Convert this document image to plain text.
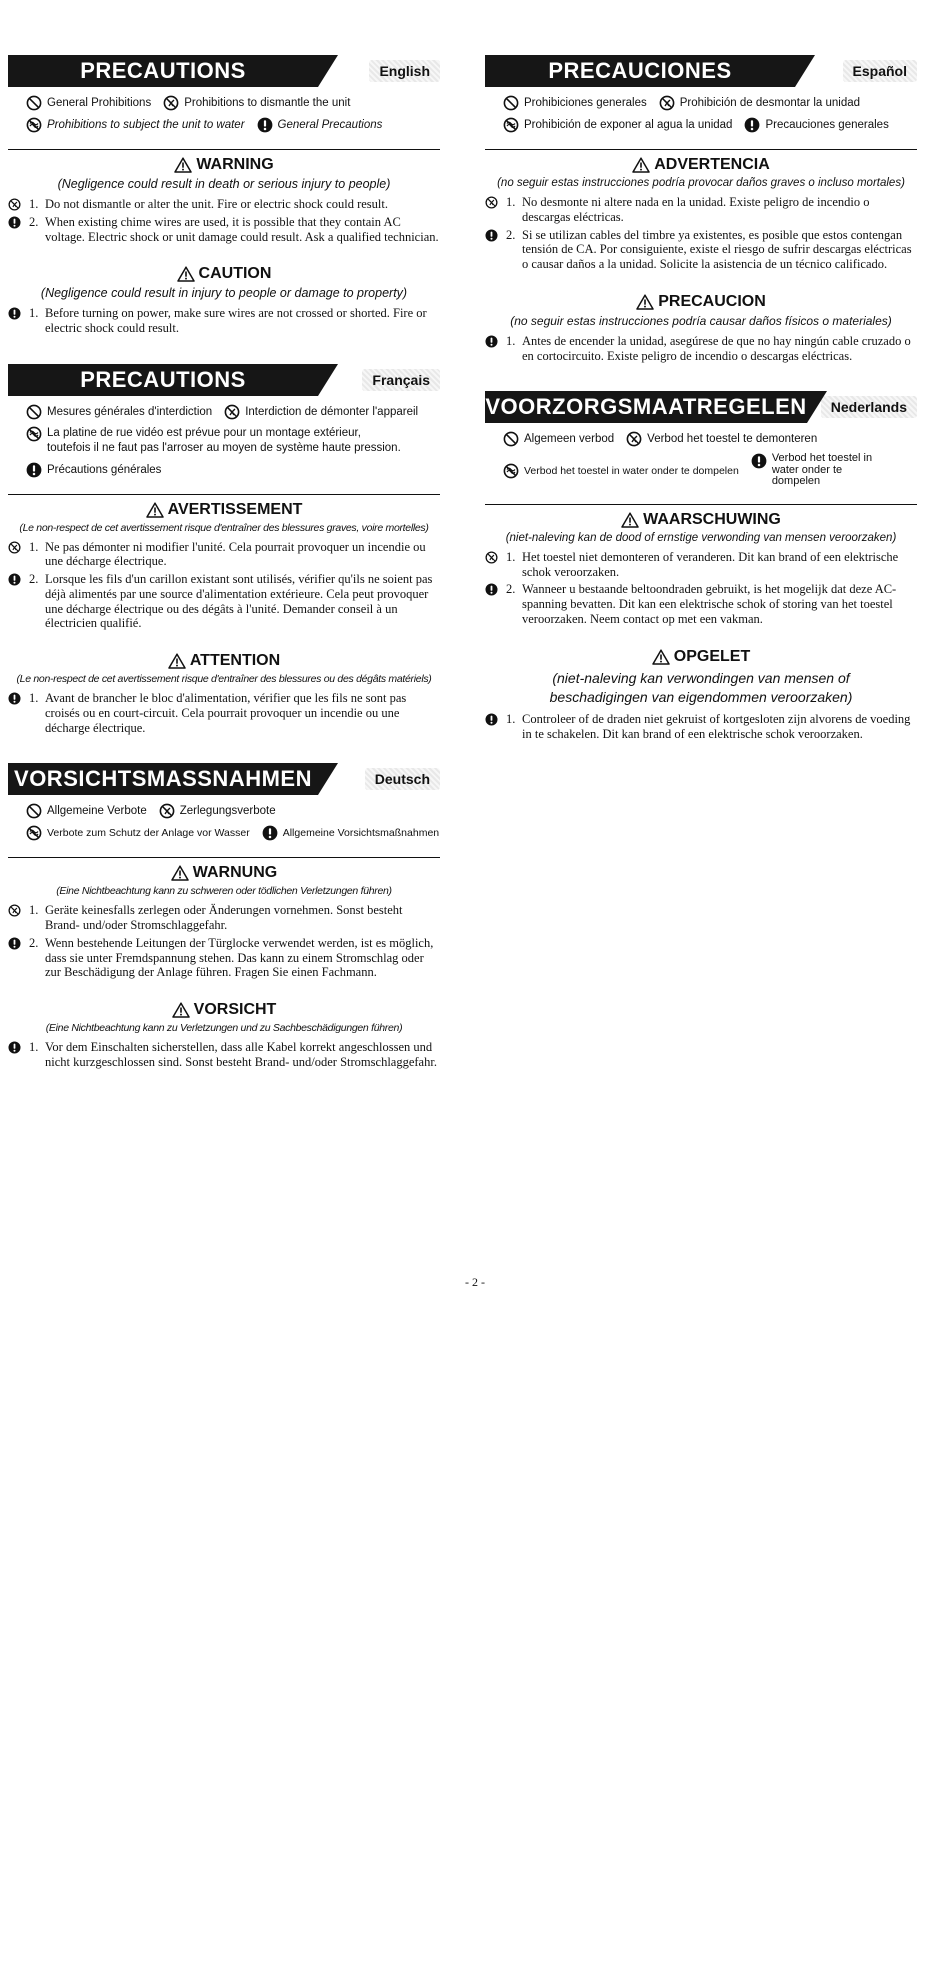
PRECAUTIONS	English
General Prohibitions	Prohibitions to dismantle the unit
Prohibitions to subject the unit to water	General Precautions
WARNING
(Negligence could result in death or serious injury to people)
1. Do not dismantle or alter the unit. Fire or electric shock could result.
2. When existing chime wires are used, it is possible that they contain AC voltage. Electric shock or unit damage could result. Ask a qualified technician.
CAUTION
(Negligence could result in injury to people or damage to property)
1. Before turning on power, make sure wires are not crossed or shorted. Fire or electric shock could result.
PRECAUTIONS	Français
Mesures générales d'interdiction	Interdiction de démonter l'appareil
La platine de rue vidéo est prévue pour un montage extérieur, toutefois il ne faut pas l'arroser au moyen de système haute pression.
Précautions générales
AVERTISSEMENT
(Le non-respect de cet avertissement risque d'entraîner des blessures graves, voire mortelles)
1. Ne pas démonter ni modifier l'unité. Cela pourrait provoquer un incendie ou une décharge électrique.
2. Lorsque les fils d'un carillon existant sont utilisés, vérifier qu'ils ne soient pas déjà alimentés par une source d'alimentation extérieure. Cela peut provoquer une décharge électrique ou des dégâts à l'unité. Demander conseil à un électricien qualifié.
ATTENTION
(Le non-respect de cet avertissement risque d'entraîner des blessures ou des dégâts matériels)
1. Avant de brancher le bloc d'alimentation, vérifier que les fils ne sont pas croisés ou en court-circuit. Cela pourrait provoquer un incendie ou une décharge électrique.
VORSICHTSMASSNAHMEN	Deutsch
Allgemeine Verbote	Zerlegungsverbote
Verbote zum Schutz der Anlage vor Wasser	Allgemeine Vorsichtsmaßnahmen
WARNUNG
(Eine Nichtbeachtung kann zu schweren oder tödlichen Verletzungen führen)
1. Geräte keinesfalls zerlegen oder Änderungen vornehmen. Sonst besteht Brand- und/oder Stromschlaggefahr.
2. Wenn bestehende Leitungen der Türglocke verwendet werden, ist es möglich, dass sie unter Fremdspannung stehen. Das kann zu einem Stromschlag oder zur Beschädigung der Anlage führen. Fragen Sie einen Fachmann.
VORSICHT
(Eine Nichtbeachtung kann zu Verletzungen und zu Sachbeschädigungen führen)
1. Vor dem Einschalten sicherstellen, dass alle Kabel korrekt angeschlossen und nicht kurzgeschlossen sind. Sonst besteht Brand- und/oder Stromschlaggefahr.
PRECAUCIONES	Español
Prohibiciones generales	Prohibición de desmontar la unidad
Prohibición de exponer al agua la unidad	Precauciones generales
ADVERTENCIA
(no seguir estas instrucciones podría provocar daños graves o incluso mortales)
1. No desmonte ni altere nada en la unidad. Existe peligro de incendio o descargas eléctricas.
2. Si se utilizan cables del timbre ya existentes, es posible que estos contengan tensión de CA. Por consiguiente, existe el riesgo de sufrir descargas eléctricas o causar daños a la unidad. Solicite la asistencia de un técnico calificado.
PRECAUCION
(no seguir estas instrucciones podría causar daños físicos o materiales)
1. Antes de encender la unidad, asegúrese de que no hay ningún cable cruzado o en cortocircuito. Existe peligro de incendio o descargas eléctricas.
VOORZORGSMAATREGELEN	Nederlands
Algemeen verbod	Verbod het toestel te demonteren
Verbod het toestel in water onder te dompelen
Verbod het toestel in water onder te dompelen
WAARSCHUWING
(niet-naleving kan de dood of ernstige verwonding van mensen veroorzaken)
1. Het toestel niet demonteren of veranderen. Dit kan brand of een elektrische schok veroorzaken.
2. Wanneer u bestaande beltoondraden gebruikt, is het mogelijk dat deze AC-spanning bevatten. Dit kan een elektrische schok of storing van het toestel veroorzaken. Neem contact op met een vakman.
OPGELET
(niet-naleving kan verwondingen van mensen of beschadigingen van eigendommen veroorzaken)
1. Controleer of de draden niet gekruist of kortgesloten zijn alvorens de voeding in te schakelen. Dit kan brand of een elektrische schok veroorzaken.
- 2 -
